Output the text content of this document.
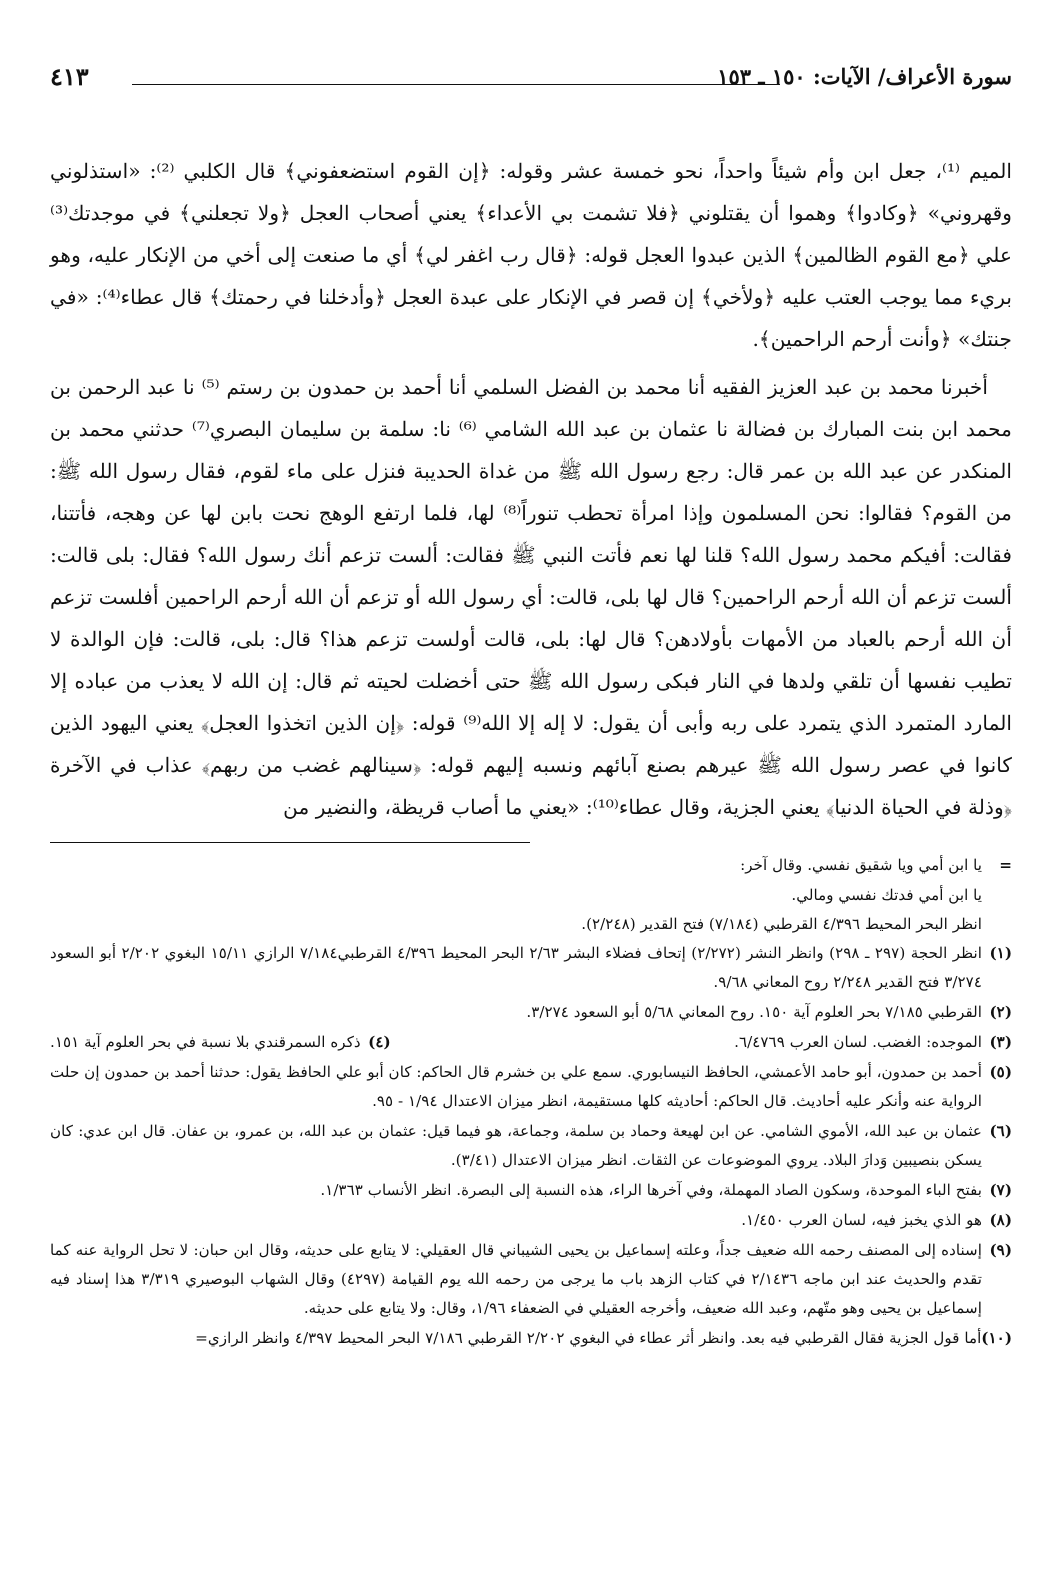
سورة الأعراف/ الآيات: ١٥٠ ـ ١٥٣
٤١٣

الميم ⁽¹⁾، جعل ابن وأم شيئاً واحداً، نحو خمسة عشر وقوله: ﴿إن القوم استضعفوني﴾ قال الكلبي ⁽²⁾: «استذلوني وقهروني» ﴿وكادوا﴾ وهموا أن يقتلوني ﴿فلا تشمت بي الأعداء﴾ يعني أصحاب العجل ﴿ولا تجعلني﴾ في موجدتك⁽³⁾ علي ﴿مع القوم الظالمين﴾ الذين عبدوا العجل قوله: ﴿قال رب اغفر لي﴾ أي ما صنعت إلى أخي من الإنكار عليه، وهو بريء مما يوجب العتب عليه ﴿ولأخي﴾ إن قصر في الإنكار على عبدة العجل ﴿وأدخلنا في رحمتك﴾ قال عطاء⁽⁴⁾: «في جنتك» ﴿وأنت أرحم الراحمين﴾.

أخبرنا محمد بن عبد العزيز الفقيه أنا محمد بن الفضل السلمي أنا أحمد بن حمدون بن رستم ⁽⁵⁾ نا عبد الرحمن بن محمد ابن بنت المبارك بن فضالة نا عثمان بن عبد الله الشامي ⁽⁶⁾ نا: سلمة بن سليمان البصري⁽⁷⁾ حدثني محمد بن المنكدر عن عبد الله بن عمر قال: رجع رسول الله ﷺ من غداة الحديبة فنزل على ماء لقوم، فقال رسول الله ﷺ: من القوم؟ فقالوا: نحن المسلمون وإذا امرأة تحطب تنوراً⁽⁸⁾ لها، فلما ارتفع الوهج نحت بابن لها عن وهجه، فأتتنا، فقالت: أفيكم محمد رسول الله؟ قلنا لها نعم فأتت النبي ﷺ فقالت: ألست تزعم أنك رسول الله؟ فقال: بلى قالت: ألست تزعم أن الله أرحم الراحمين؟ قال لها بلى، قالت: أي رسول الله أو تزعم أن الله أرحم الراحمين أفلست تزعم أن الله أرحم بالعباد من الأمهات بأولادهن؟ قال لها: بلى، قالت أولست تزعم هذا؟ قال: بلى، قالت: فإن الوالدة لا تطيب نفسها أن تلقي ولدها في النار فبكى رسول الله ﷺ حتى أخضلت لحيته ثم قال: إن الله لا يعذب من عباده إلا المارد المتمرد الذي يتمرد على ربه وأبى أن يقول: لا إله إلا الله⁽⁹⁾ قوله: ﴿إن الذين اتخذوا العجل﴾ يعني اليهود الذين كانوا في عصر رسول الله ﷺ عيرهم بصنع آبائهم ونسبه إليهم قوله: ﴿سينالهم غضب من ربهم﴾ عذاب في الآخرة ﴿وذلة في الحياة الدنيا﴾ يعني الجزية، وقال عطاء⁽¹⁰⁾: «يعني ما أصاب قريظة، والنضير من

=
يا ابن أمي ويا شقيق نفسي. وقال آخر:
يا ابن أمي فدتك نفسي ومالي.
انظر البحر المحيط ٤/٣٩٦ القرطبي (٧/١٨٤) فتح القدير (٢/٢٤٨).
(١)
انظر الحجة (٢٩٧ ـ ٢٩٨) وانظر النشر (٢/٢٧٢) إتحاف فضلاء البشر ٢/٦٣ البحر المحيط ٤/٣٩٦ القرطبي٧/١٨٤ الرازي ١٥/١١ البغوي ٢/٢٠٢ أبو السعود ٣/٢٧٤ فتح القدير ٢/٢٤٨ روح المعاني ٩/٦٨.
(٢)
القرطبي ٧/١٨٥ بحر العلوم آية ١٥٠. روح المعاني ٥/٦٨ أبو السعود ٣/٢٧٤.
(٣)
الموجده: الغضب. لسان العرب ٦/٤٧٦٩.
(٤)
ذكره السمرقندي بلا نسبة في بحر العلوم آية ١٥١.
(٥)
أحمد بن حمدون، أبو حامد الأعمشي، الحافظ النيسابوري. سمع علي بن خشرم قال الحاكم: كان أبو علي الحافظ يقول: حدثنا أحمد بن حمدون إن حلت الرواية عنه وأنكر عليه أحاديث. قال الحاكم: أحاديثه كلها مستقيمة، انظر ميزان الاعتدال ١/٩٤ - ٩٥.
(٦)
عثمان بن عبد الله، الأموي الشامي. عن ابن لهيعة وحماد بن سلمة، وجماعة، هو فيما قيل: عثمان بن عبد الله، بن عمرو، بن عفان. قال ابن عدي: كان يسكن بنصيبين وَدارَ البلاد. يروي الموضوعات عن الثقات. انظر ميزان الاعتدال (٣/٤١).
(٧)
بفتح الباء الموحدة، وسكون الصاد المهملة، وفي آخرها الراء، هذه النسبة إلى البصرة. انظر الأنساب ١/٣٦٣.
(٨)
هو الذي يخبز فيه، لسان العرب ١/٤٥٠.
(٩)
إسناده إلى المصنف رحمه الله ضعيف جداً، وعلته إسماعيل بن يحيى الشيباني قال العقيلي: لا يتابع على حديثه، وقال ابن حبان: لا تحل الرواية عنه كما تقدم والحديث عند ابن ماجه ٢/١٤٣٦ في كتاب الزهد باب ما يرجى من رحمه الله يوم القيامة (٤٢٩٧) وقال الشهاب البوصيري ٣/٣١٩ هذا إسناد فيه إسماعيل بن يحيى وهو متّهم، وعبد الله ضعيف، وأخرجه العقيلي في الضعفاء ١/٩٦، وقال: ولا يتابع على حديثه.
(١٠)
أما قول الجزية فقال القرطبي فيه بعد. وانظر أثر عطاء في البغوي ٢/٢٠٢ القرطبي ٧/١٨٦ البحر المحيط ٤/٣٩٧ وانظر الرازي=
